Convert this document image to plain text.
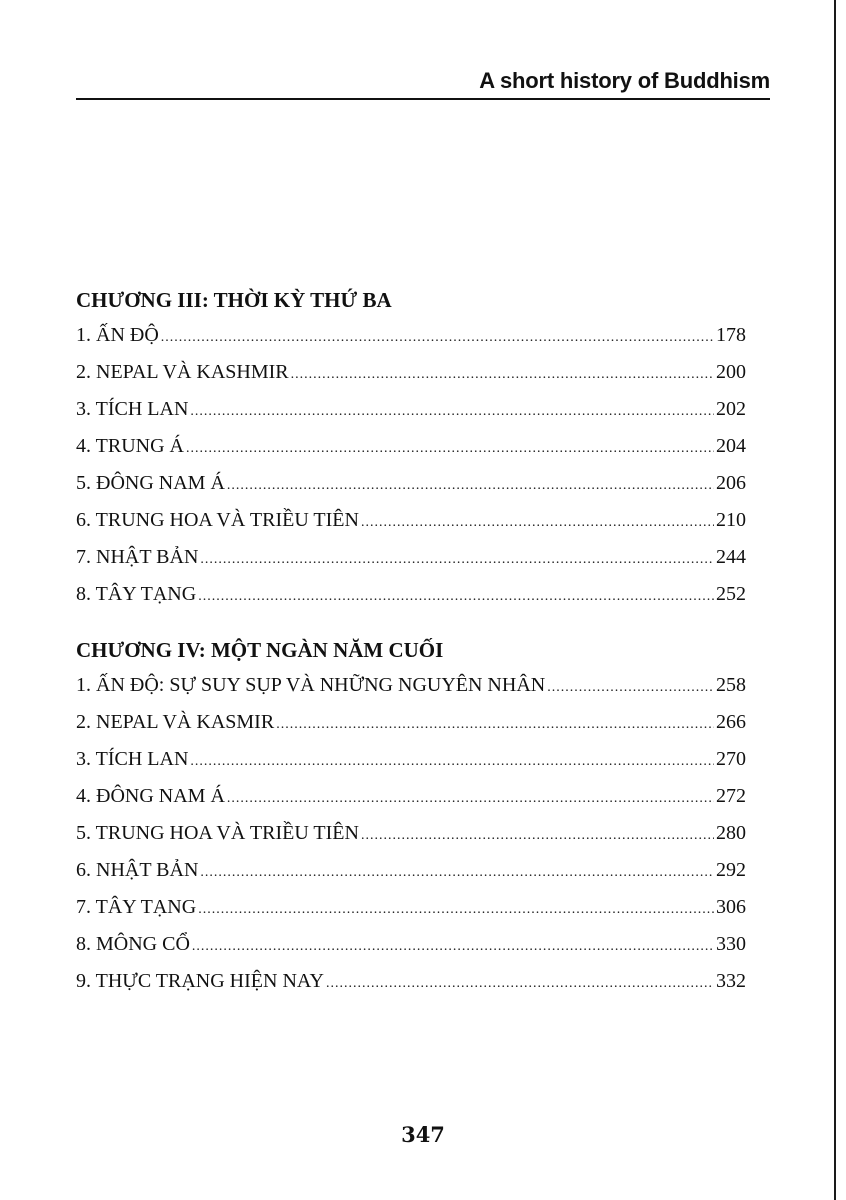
A short history of Buddhism
CHƯƠNG III: THỜI KỲ THỨ BA
1. ẤN ĐỘ .....	178
2. NEPAL VÀ KASHMIR .....	200
3. TÍCH LAN .....	202
4. TRUNG Á .....	204
5. ĐÔNG NAM Á .....	206
6. TRUNG HOA VÀ TRIỀU TIÊN .....	210
7. NHẬT BẢN .....	244
8. TÂY TẠNG .....	252
CHƯƠNG IV: MỘT NGÀN NĂM CUỐI
1. ẤN ĐỘ: SỰ SUY SỤP VÀ NHỮNG NGUYÊN NHÂN .....	258
2. NEPAL VÀ KASMIR .....	266
3. TÍCH LAN .....	270
4. ĐÔNG NAM Á .....	272
5. TRUNG HOA VÀ TRIỀU TIÊN .....	280
6. NHẬT BẢN .....	292
7. TÂY TẠNG .....	306
8. MÔNG CỔ .....	330
9. THỰC TRẠNG HIỆN NAY .....	332
347
